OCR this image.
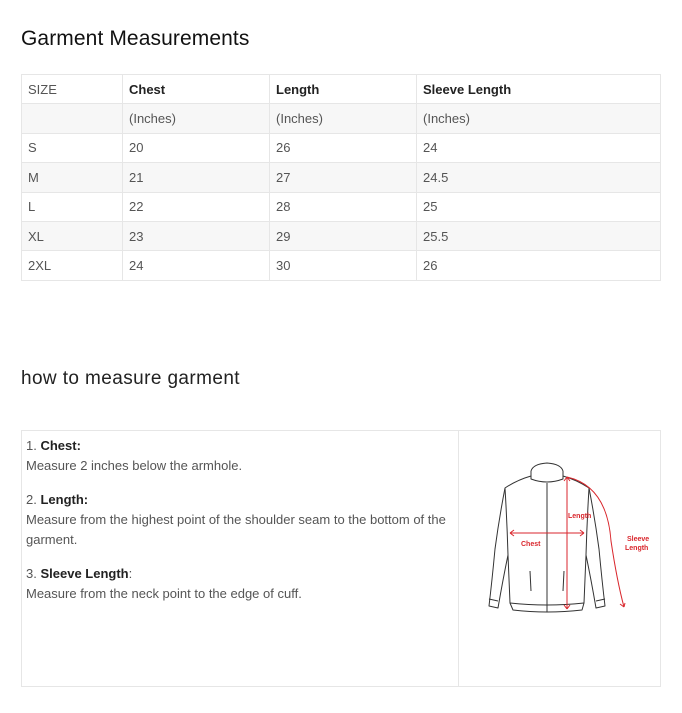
Garment Measurements
SIZE	Chest	Length	Sleeve Length
	(Inches)	(Inches)	(Inches)
S	20	26	24
M	21	27	24.5
L	22	28	25
XL	23	29	25.5
2XL	24	30	26
how to measure garment
1. Chest:
Measure 2 inches below the armhole.
2. Length:
Measure from the highest point of the shoulder seam to the bottom of the garment.
3. Sleeve Length:
Measure from the neck point to the edge of cuff.
Chest
Length
Sleeve
Length
